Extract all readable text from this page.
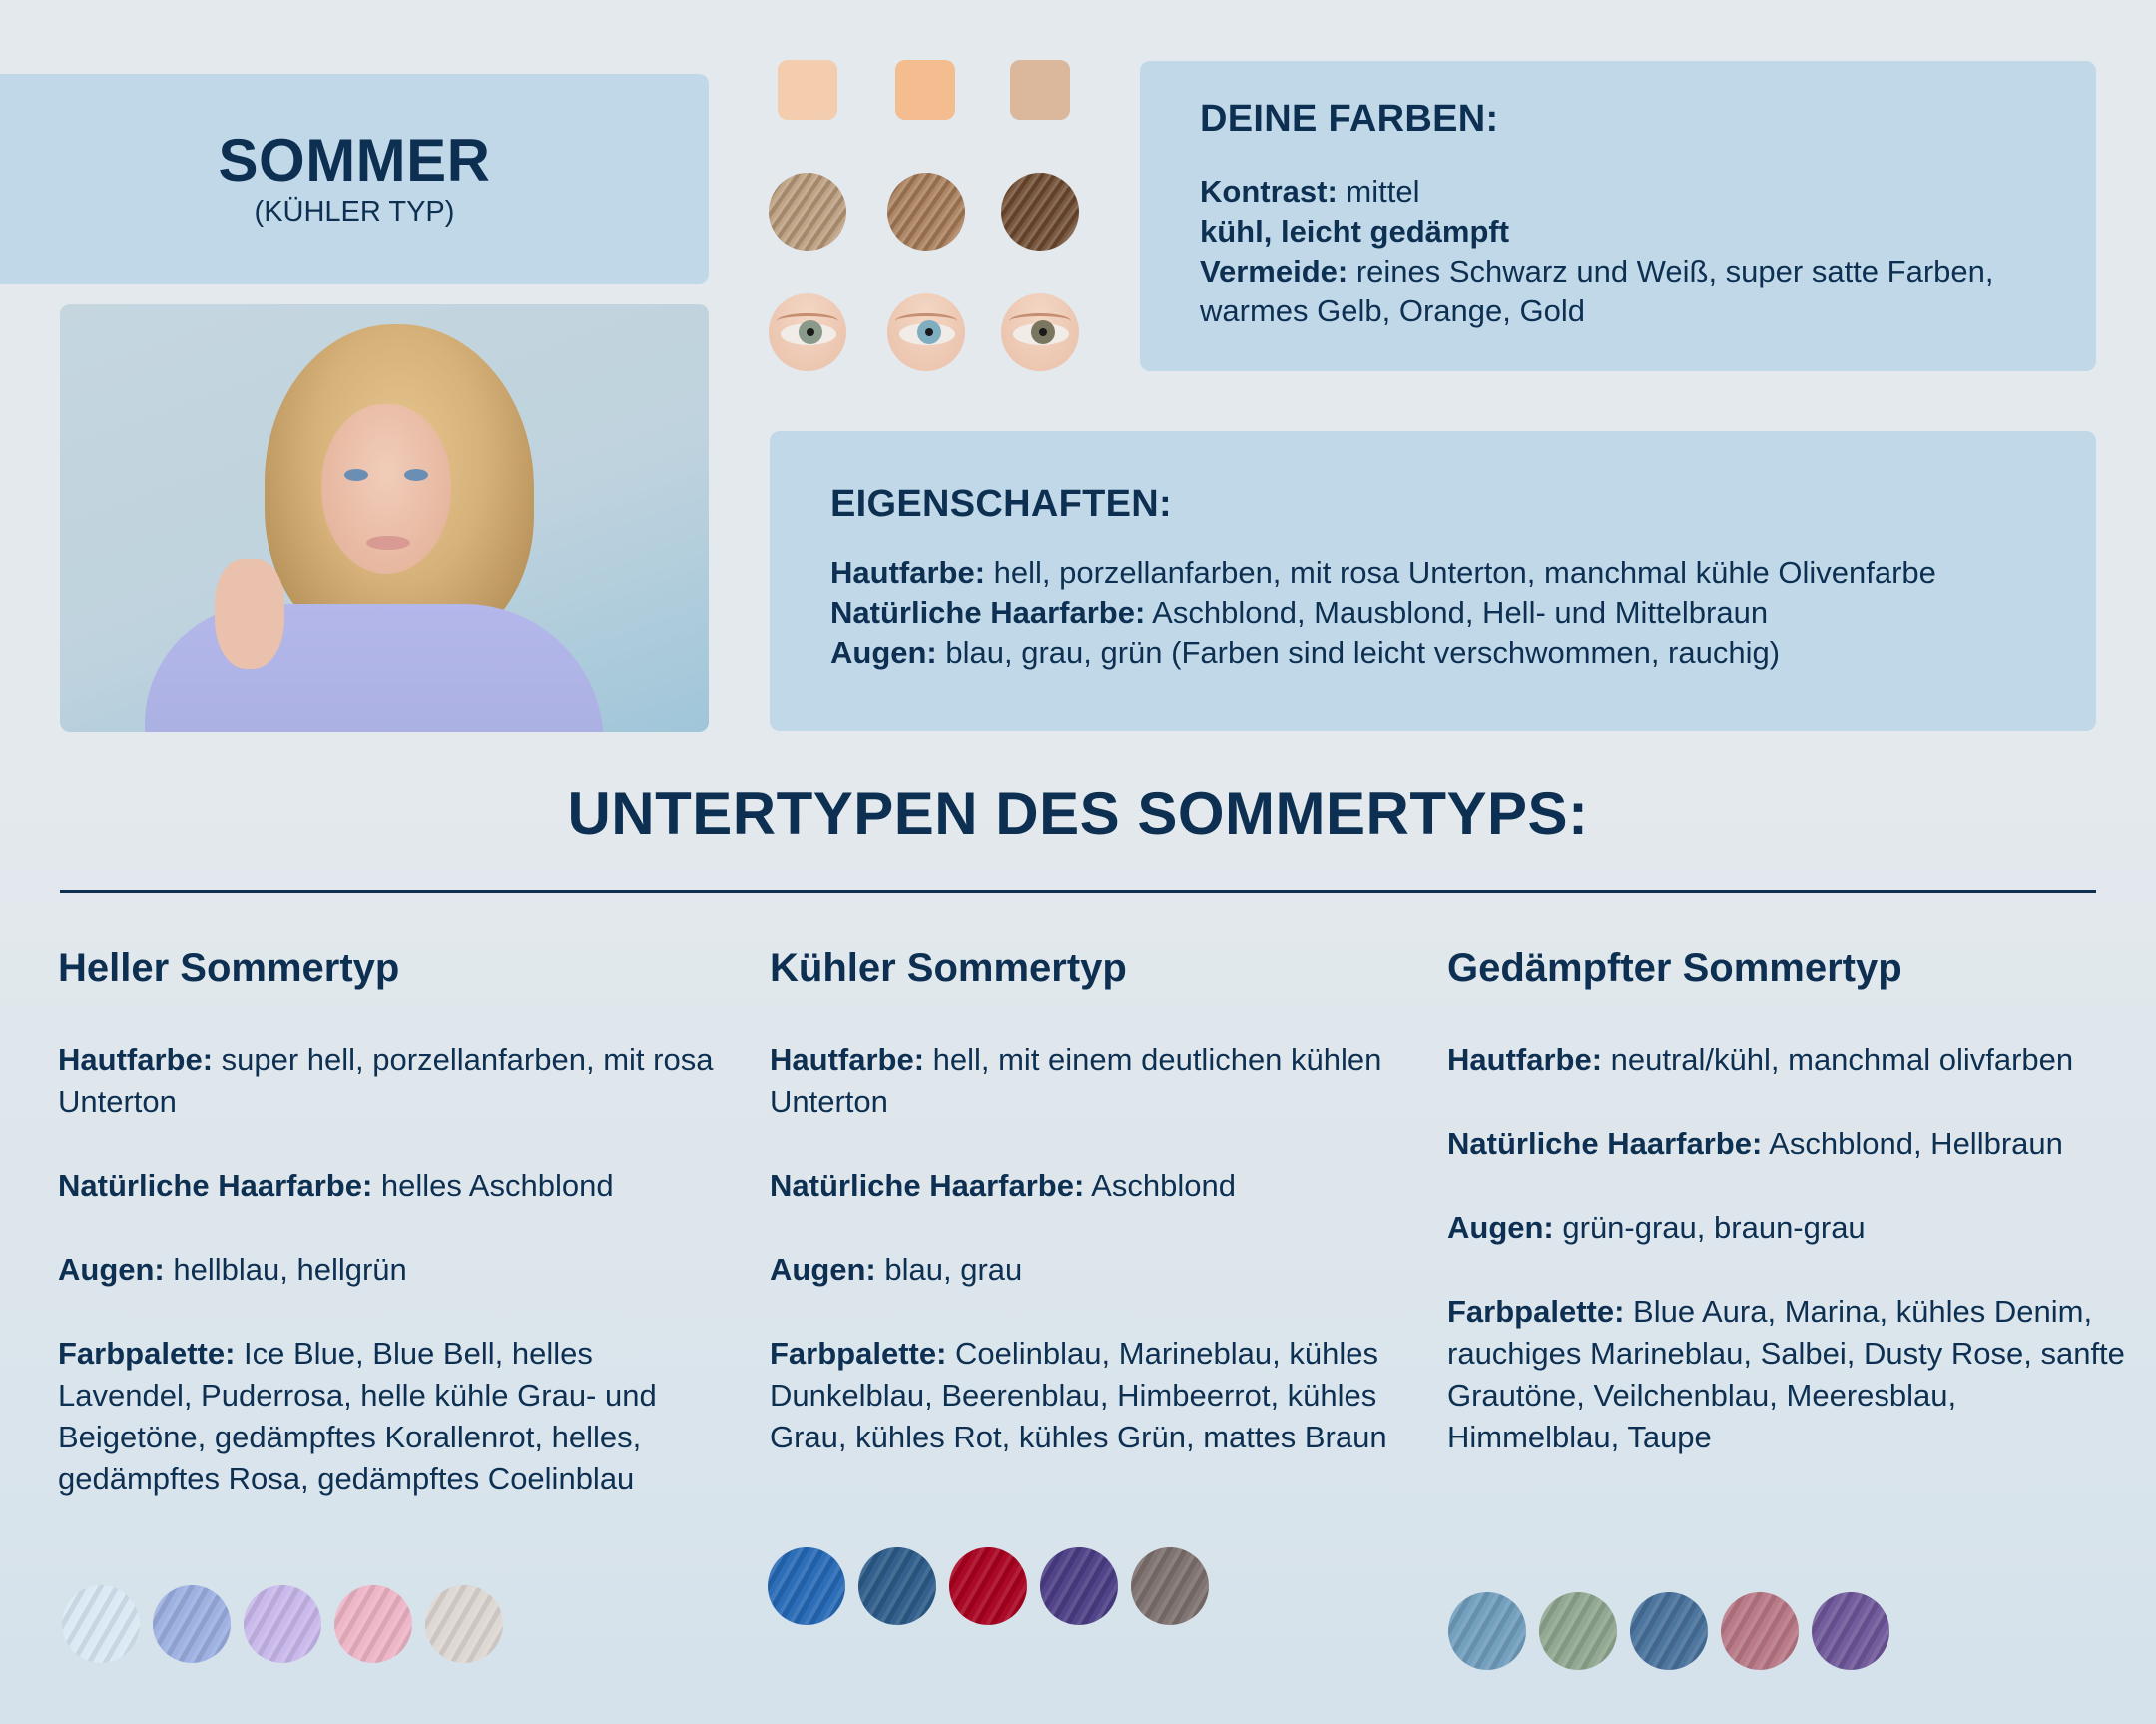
SOMMER
(KÜHLER TYP)
DEINE FARBEN:
Kontrast: mittel
kühl, leicht gedämpft
Vermeide: reines Schwarz und Weiß, super satte Farben,
warmes Gelb, Orange, Gold
EIGENSCHAFTEN:
Hautfarbe: hell, porzellanfarben, mit rosa Unterton, manchmal kühle Olivenfarbe
Natürliche Haarfarbe: Aschblond, Mausblond, Hell- und Mittelbraun
Augen: blau, grau, grün (Farben sind leicht verschwommen, rauchig)
UNTERTYPEN DES SOMMERTYPS:
Heller Sommertyp
Hautfarbe: super hell, porzellanfarben, mit rosa Unterton
Natürliche Haarfarbe: helles Aschblond
Augen: hellblau, hellgrün
Farbpalette: Ice Blue, Blue Bell, helles Lavendel, Puderrosa, helle kühle Grau- und Beigetöne, gedämpftes Korallenrot, helles, gedämpftes Rosa, gedämpftes Coelinblau
Kühler Sommertyp
Hautfarbe: hell, mit einem deutlichen kühlen Unterton
Natürliche Haarfarbe: Aschblond
Augen: blau, grau
Farbpalette: Coelinblau, Marineblau, kühles Dunkelblau, Beerenblau, Himbeerrot, kühles Grau, kühles Rot, kühles Grün, mattes Braun
Gedämpfter Sommertyp
Hautfarbe: neutral/kühl, manchmal olivfarben
Natürliche Haarfarbe: Aschblond, Hellbraun
Augen: grün-grau, braun-grau
Farbpalette: Blue Aura, Marina, kühles Denim, rauchiges Marineblau, Salbei, Dusty Rose, sanfte Grautöne, Veilchenblau, Meeresblau, Himmelblau, Taupe
